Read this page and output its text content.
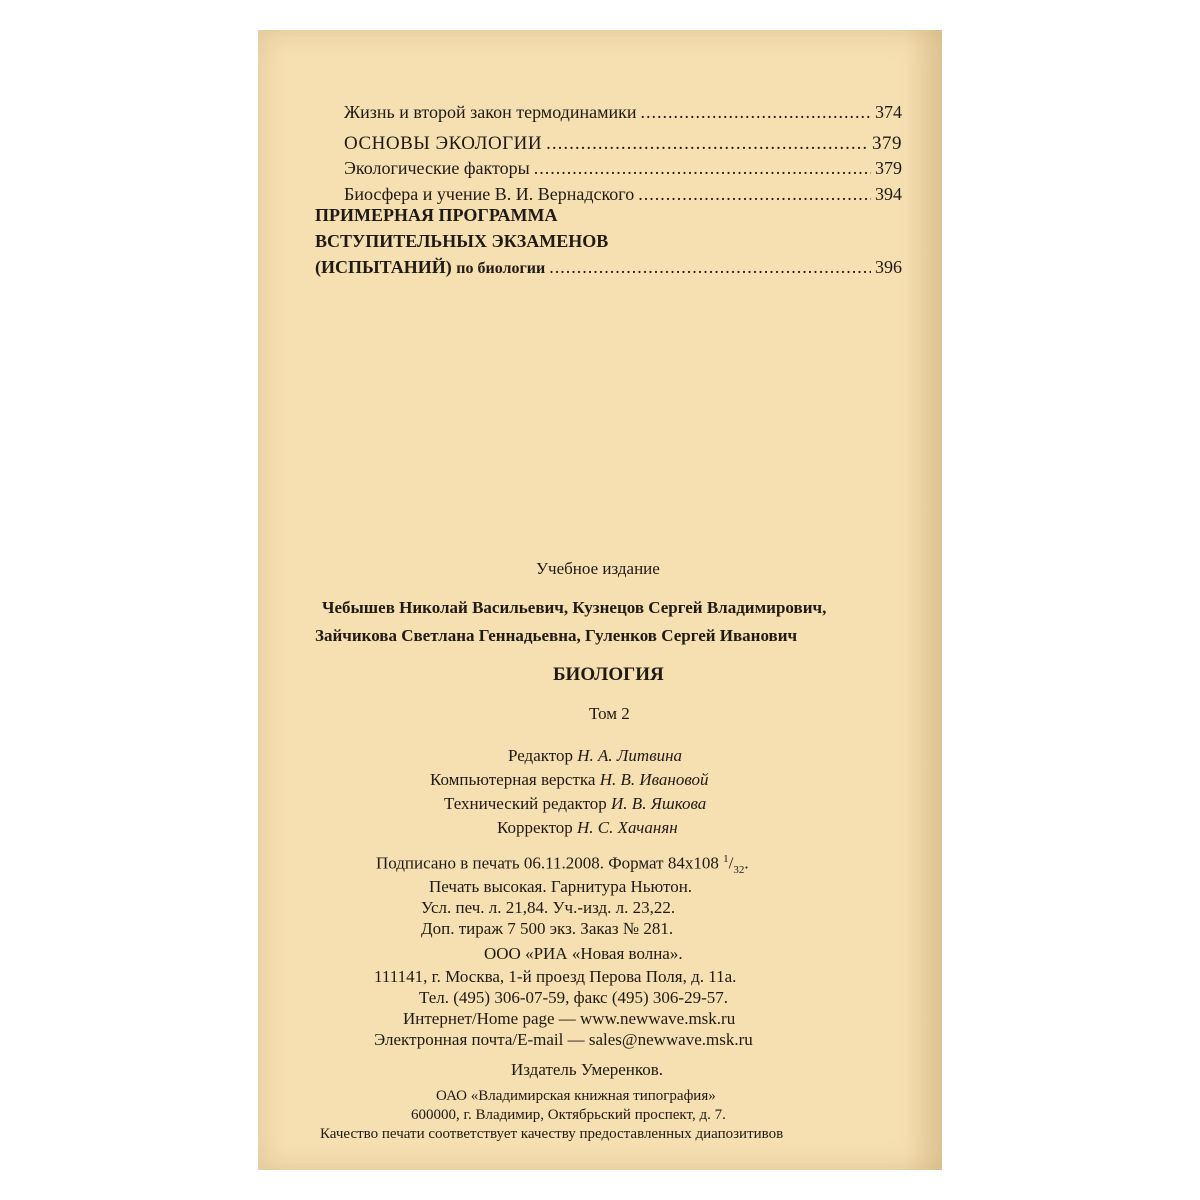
Жизнь и второй закон термодинамики .....	374
ОСНОВЫ ЭКОЛОГИИ .....	379
Экологические факторы .....	379
Биосфера и учение В. И. Вернадского .....	394
ПРИМЕРНАЯ ПРОГРАММА
ВСТУПИТЕЛЬНЫХ ЭКЗАМЕНОВ
(ИСПЫТАНИЙ) по биологии .....	396
Учебное издание
Чебышев Николай Васильевич, Кузнецов Сергей Владимирович,
Зайчикова Светлана Геннадьевна, Гуленков Сергей Иванович
БИОЛОГИЯ
Том 2
Редактор Н. А. Литвина
Компьютерная верстка Н. В. Ивановой
Технический редактор И. В. Яшкова
Корректор Н. С. Хачанян
Подписано в печать 06.11.2008. Формат 84x108 $^1/_{32}$.
Печать высокая. Гарнитура Ньютон.
Усл. печ. л. 21,84. Уч.-изд. л. 23,22.
Доп. тираж 7 500 экз. Заказ № 281.
ООО «РИА «Новая волна».
111141, г. Москва, 1-й проезд Перова Поля, д. 11а.
Тел. (495) 306-07-59, факс (495) 306-29-57.
Интернет/Home page — www.newwave.msk.ru
Электронная почта/E-mail — sales@newwave.msk.ru
Издатель Умеренков.
ОАО «Владимирская книжная типография»
600000, г. Владимир, Октябрьский проспект, д. 7.
Качество печати соответствует качеству предоставленных диапозитивов
